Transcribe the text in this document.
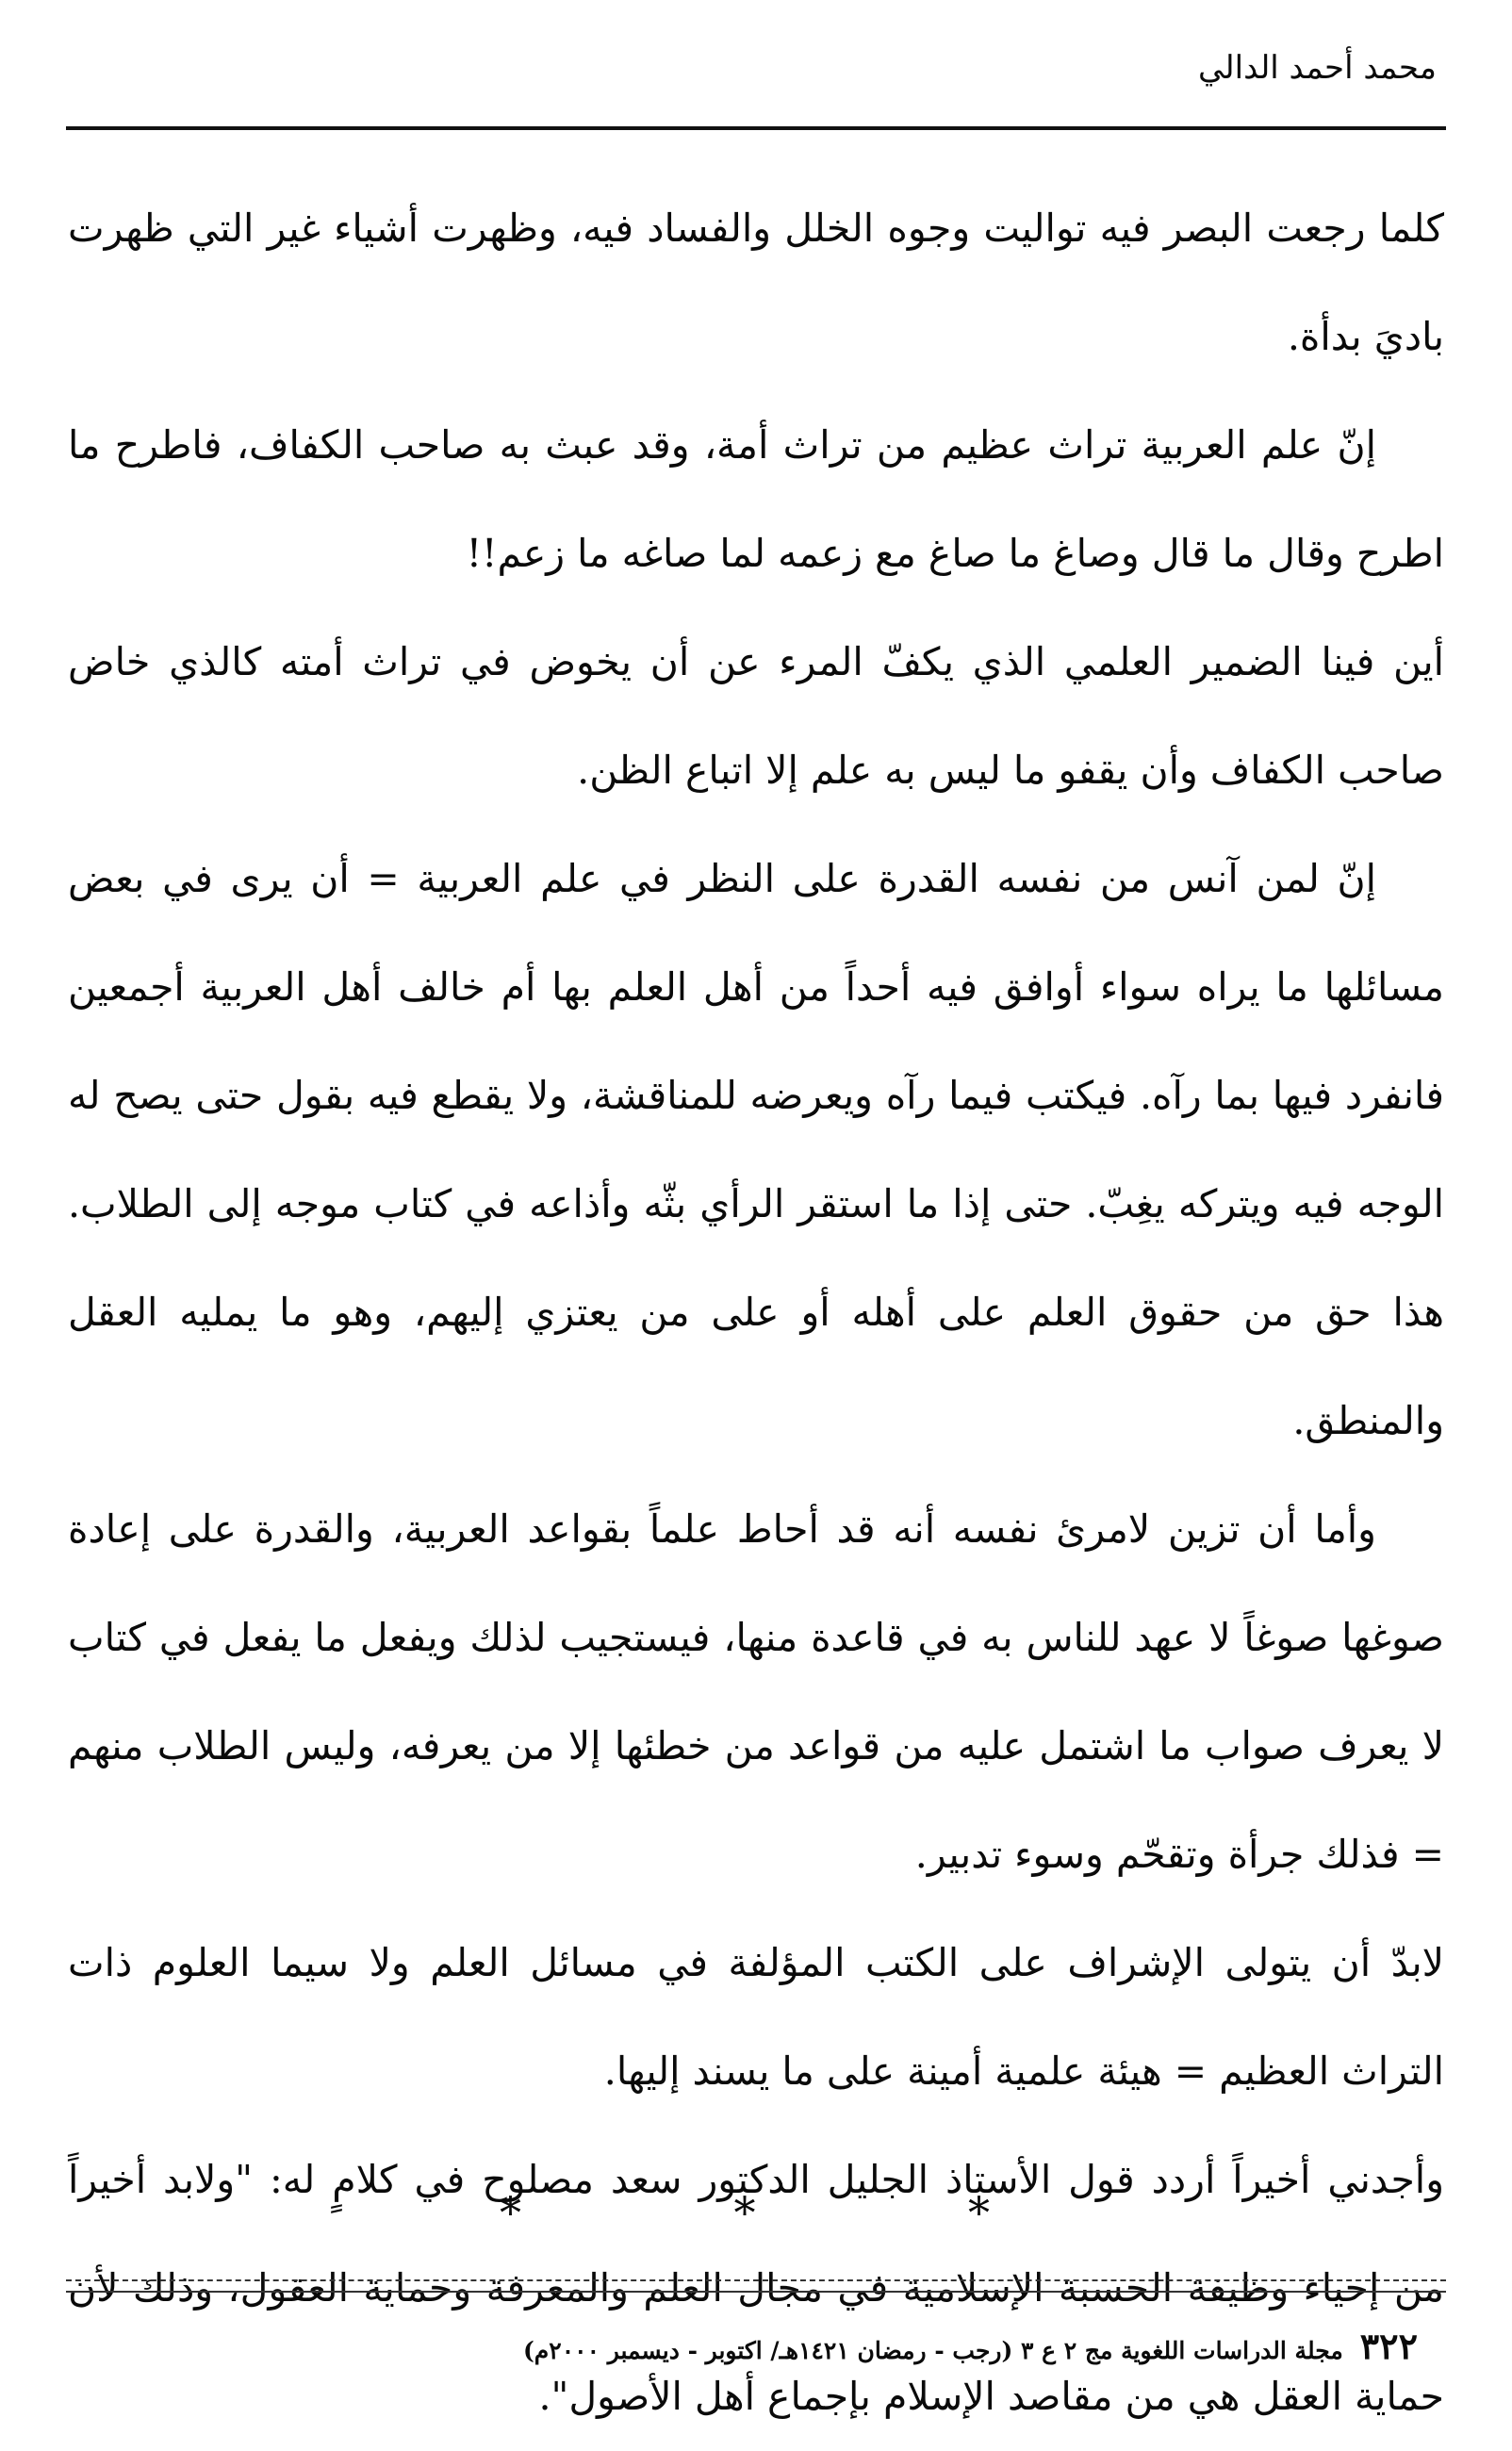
محمد أحمد الدالي

كلما رجعت البصر فيه تواليت وجوه الخلل والفساد فيه، وظهرت أشياء غير التي ظهرت باديَ بدأة.

إنّ علم العربية تراث عظيم من تراث أمة، وقد عبث به صاحب الكفاف، فاطرح ما اطرح وقال ما قال وصاغ ما صاغ مع زعمه لما صاغه ما زعم!!

أين فينا الضمير العلمي الذي يكفّ المرء عن أن يخوض في تراث أمته كالذي خاض صاحب الكفاف وأن يقفو ما ليس به علم إلا اتباع الظن.

إنّ لمن آنس من نفسه القدرة على النظر في علم العربية = أن يرى في بعض مسائلها ما يراه سواء أوافق فيه أحداً من أهل العلم بها أم خالف أهل العربية أجمعين فانفرد فيها بما رآه. فيكتب فيما رآه ويعرضه للمناقشة، ولا يقطع فيه بقول حتى يصح له الوجه فيه ويتركه يغِبّ. حتى إذا ما استقر الرأي بثّه وأذاعه في كتاب موجه إلى الطلاب. هذا حق من حقوق العلم على أهله أو على من يعتزي إليهم، وهو ما يمليه العقل والمنطق.

وأما أن تزين لامرئ نفسه أنه قد أحاط علماً بقواعد العربية، والقدرة على إعادة صوغها صوغاً لا عهد للناس به في قاعدة منها، فيستجيب لذلك ويفعل ما يفعل في كتاب لا يعرف صواب ما اشتمل عليه من قواعد من خطئها إلا من يعرفه، وليس الطلاب منهم = فذلك جرأة وتقحّم وسوء تدبير.

لابدّ أن يتولى الإشراف على الكتب المؤلفة في مسائل العلم ولا سيما العلوم ذات التراث العظيم = هيئة علمية أمينة على ما يسند إليها.

وأجدني أخيراً أردد قول الأستاذ الجليل الدكتور سعد مصلوح في كلامٍ له: "ولابد أخيراً من إحياء وظيفة الحسبة الإسلامية في مجال العلم والمعرفة وحماية العقول، وذلك لأن حماية العقل هي من مقاصد الإسلام بإجماع أهل الأصول".

*	*	*
٣٢٢
مجلة الدراسات اللغوية مج ٢ ع ٣ (رجب - رمضان ١٤٢١هـ/ اكتوبر - ديسمبر ٢٠٠٠م)
